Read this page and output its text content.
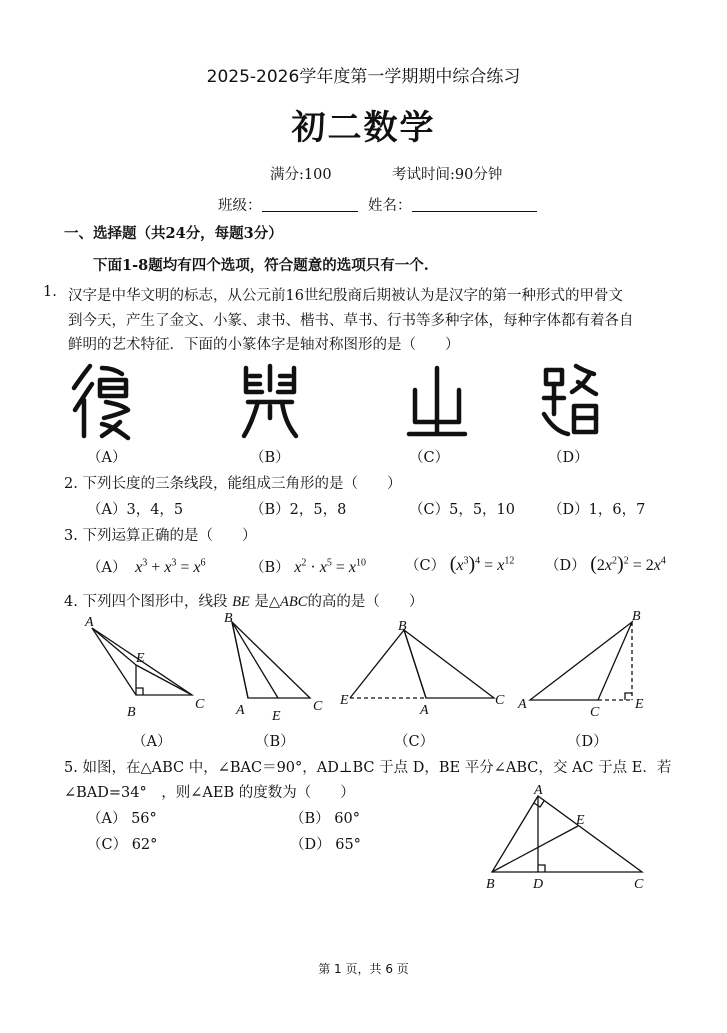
2025-2026学年度第一学期期中综合练习
初二数学
满分:100	考试时间:90分钟
班级：	姓名：
一、选择题（共24分，每题3分）
下面1-8题均有四个选项，符合题意的选项只有一个.
1. 汉字是中华文明的标志，从公元前16世纪殷商后期被认为是汉字的第一种形式的甲骨文
到今天，产生了金文、小篆、隶书、楷书、草书、行书等多种字体，每种字体都有着各自
鲜明的艺术特征．下面的小篆体字是轴对称图形的是（　　）
（A）	（B）	（C）	（D）
2. 下列长度的三条线段，能组成三角形的是（　　）
（A）3，4，5	（B）2，5，8	（C）5，5，10 （D）1，6，7
3. 下列运算正确的是（　　）
（A）   $x^3 + x^3 = x^6$	（B） $x^2 \cdot x^5 = x^{10}$	（C） $(x^3)^4 = x^{12}$ （D） $(2x^2)^2 = 2x^4$
4. 下列四个图形中，线段 BE 是△ABC的高的是（　　）
A
E
B
C
B
A E
C
B
E
A
C
B
A
C
E
（A）	（B）	（C）	（D）
5. 如图，在△ABC 中，∠BAC＝90°，AD⊥BC 于点 D，BE 平分∠ABC，交 AC 于点 E．若
∠BAD=34°　，则∠AEB 的度数为（　　）
（A） 56°	（B） 60°
（C） 62°	（D） 65°
A
E
B	D	C
第 1 页，共 6 页
